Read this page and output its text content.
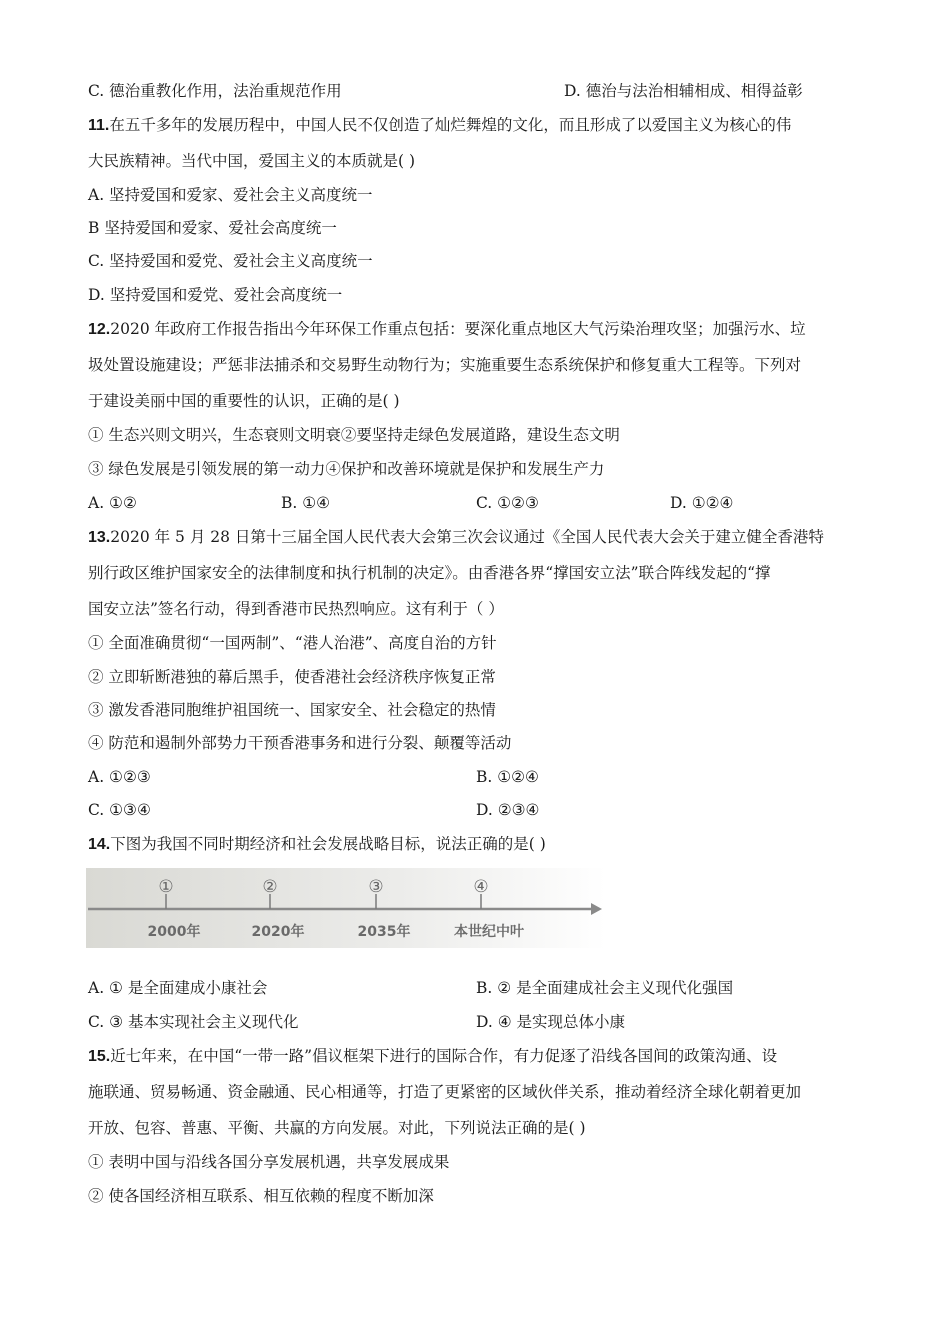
C. 德治重教化作用，法治重规范作用	D. 德治与法治相辅相成、相得益彰
11.在五千多年的发展历程中，中国人民不仅创造了灿烂舞煌的文化，而且形成了以爱国主义为核心的伟
大民族精神。当代中国，爱国主义的本质就是( )
A. 坚持爱国和爱家、爱社会主义高度统一
B 坚持爱国和爱家、爱社会高度统一
C. 坚持爱国和爱党、爱社会主义高度统一
D. 坚持爱国和爱党、爱社会高度统一
12.2020 年政府工作报告指出今年环保工作重点包括：要深化重点地区大气污染治理攻坚；加强污水、垃
圾处置设施建设；严惩非法捕杀和交易野生动物行为；实施重要生态系统保护和修复重大工程等。下列对
于建设美丽中国的重要性的认识，正确的是( )
① 生态兴则文明兴，生态衰则文明衰②要坚持走绿色发展道路，建设生态文明
③ 绿色发展是引领发展的第一动力④保护和改善环境就是保护和发展生产力
A. ①②	B. ①④	C. ①②③	D. ①②④
13.2020 年 5 月 28 日第十三届全国人民代表大会第三次会议通过《全国人民代表大会关于建立健全香港特
别行政区维护国家安全的法律制度和执行机制的决定》。由香港各界“撑国安立法”联合阵线发起的“撑
国安立法”签名行动，得到香港市民热烈响应。这有利于（ ）
① 全面准确贯彻“一国两制”、“港人治港”、高度自治的方针
② 立即斩断港独的幕后黑手，使香港社会经济秩序恢复正常
③ 激发香港同胞维护祖国统一、国家安全、社会稳定的热情
④ 防范和遏制外部势力干预香港事务和进行分裂、颠覆等活动
A. ①②③	B. ①②④
C. ①③④	D. ②③④
14.下图为我国不同时期经济和社会发展战略目标，说法正确的是( )
①	②	③	④
2000年	2020年	2035年	本世纪中叶
A. ① 是全面建成小康社会	B. ② 是全面建成社会主义现代化强国
C. ③ 基本实现社会主义现代化	D. ④ 是实现总体小康
15.近七年来，在中国“一带一路”倡议框架下进行的国际合作，有力促逐了沿线各国间的政策沟通、设
施联通、贸易畅通、资金融通、民心相通等，打造了更紧密的区域伙伴关系，推动着经济全球化朝着更加
开放、包容、普惠、平衡、共赢的方向发展。对此，下列说法正确的是( )
① 表明中国与沿线各国分享发展机遇，共享发展成果
② 使各国经济相互联系、相互依赖的程度不断加深
